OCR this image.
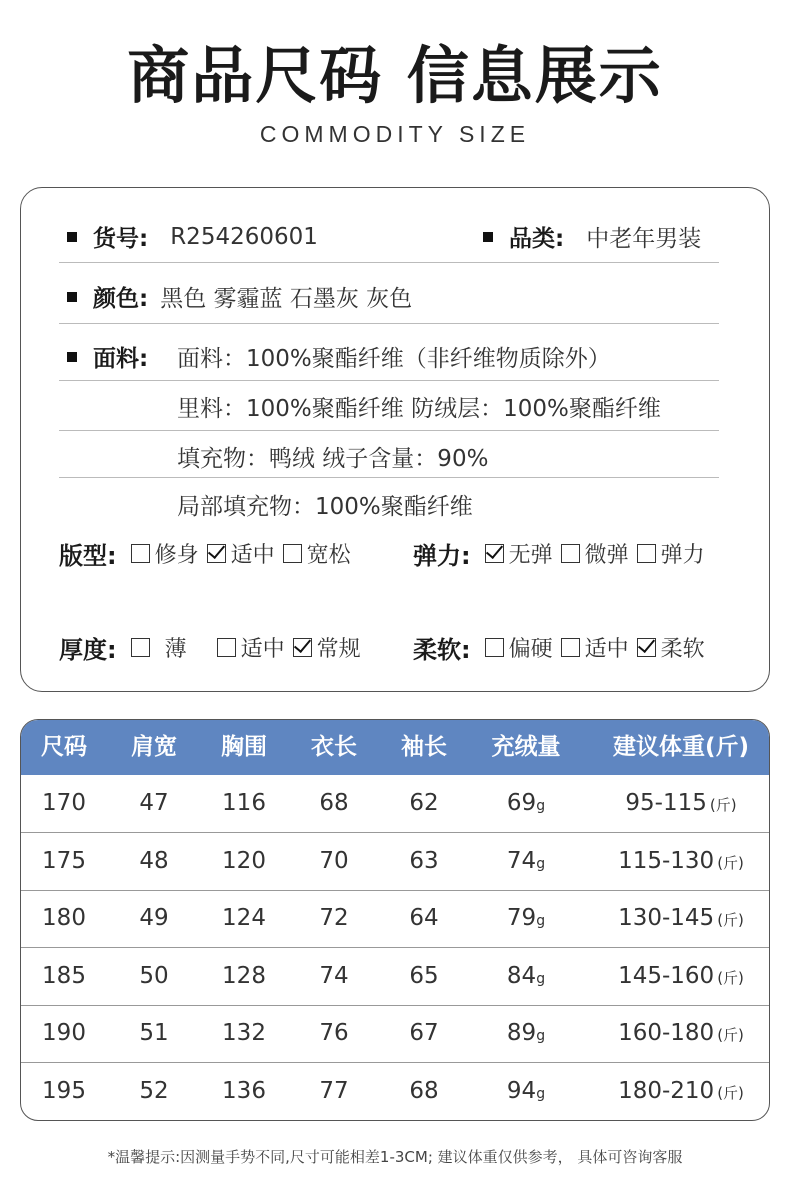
商品尺码 信息展示
COMMODITY SIZE
货号: R254260601	品类: 中老年男装
颜色: 黑色 雾霾蓝 石墨灰 灰色
面料: 面料：100%聚酯纤维（非纤维物质除外）
里料：100%聚酯纤维 防绒层：100%聚酯纤维
填充物：鸭绒 绒子含量：90%
局部填充物：100%聚酯纤维
版型: 修身 适中 宽松	弹力: 无弹 微弹 弹力
厚度: 薄 适中 常规 柔软: 偏硬 适中 柔软
尺码	肩宽	胸围	衣长	袖长	充绒量	建议体重(斤)
170	47	116	68	62	69g	95-115 (斤)
175	48	120	70	63	74g	115-130 (斤)
180	49	124	72	64	79g	130-145 (斤)
185	50	128	74	65	84g	145-160 (斤)
190	51	132	76	67	89g	160-180 (斤)
195	52	136	77	68	94g	180-210 (斤)
*温馨提示:因测量手势不同,尺寸可能相差1-3CM; 建议体重仅供参考， 具体可咨询客服
